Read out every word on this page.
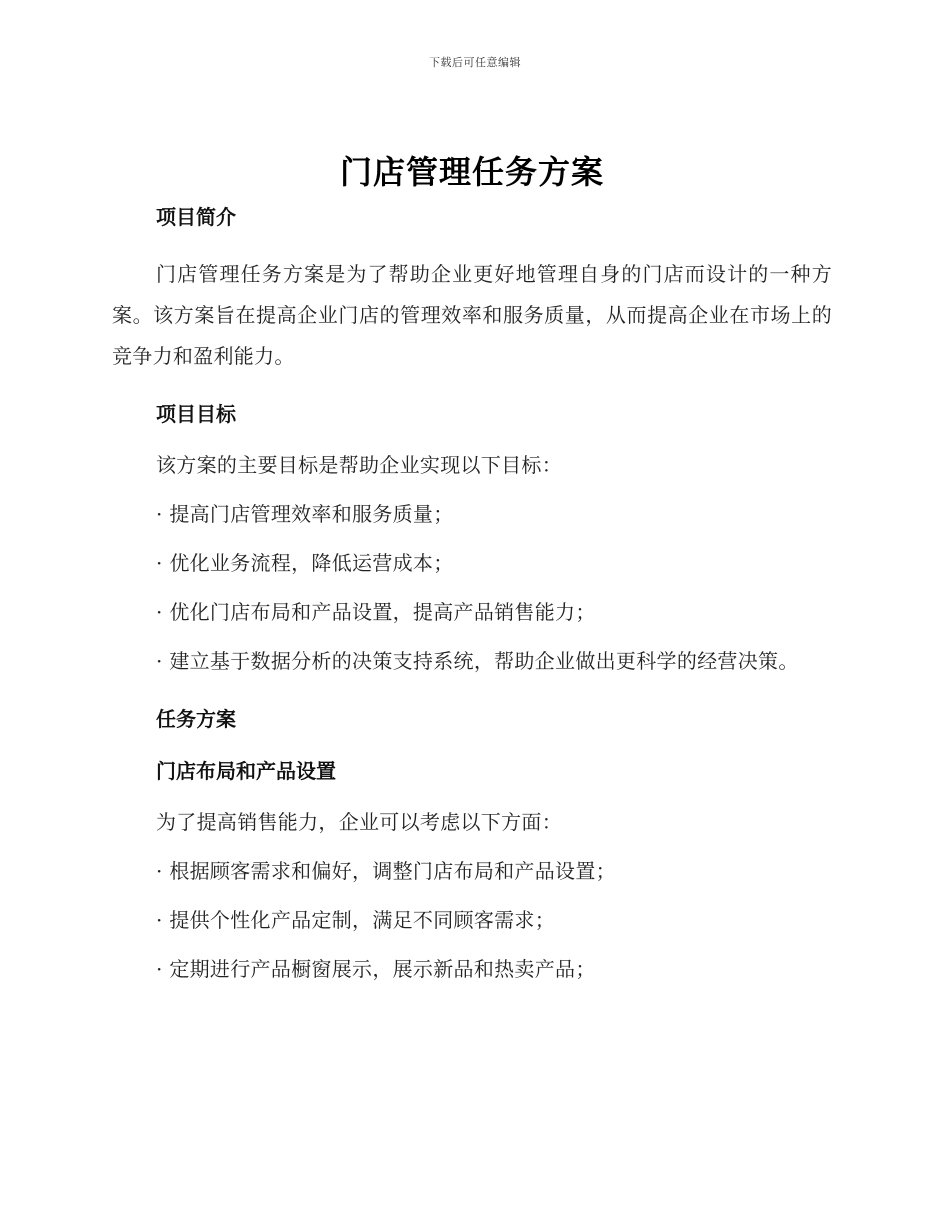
下载后可任意编辑
门店管理任务方案
项目简介

门店管理任务方案是为了帮助企业更好地管理自身的门店而设计的一种方案。该方案旨在提高企业门店的管理效率和服务质量，从而提高企业在市场上的竞争力和盈利能力。

项目目标

该方案的主要目标是帮助企业实现以下目标：

· 提高门店管理效率和服务质量；

· 优化业务流程，降低运营成本；

· 优化门店布局和产品设置，提高产品销售能力；

· 建立基于数据分析的决策支持系统，帮助企业做出更科学的经营决策。

任务方案
门店布局和产品设置

为了提高销售能力，企业可以考虑以下方面：

· 根据顾客需求和偏好，调整门店布局和产品设置；

· 提供个性化产品定制，满足不同顾客需求；

· 定期进行产品橱窗展示，展示新品和热卖产品；
